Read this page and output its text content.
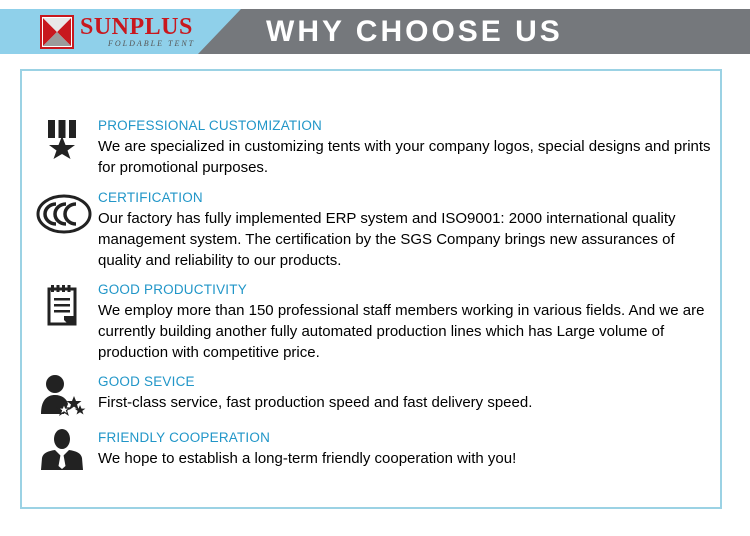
SUNPLUS
FOLDABLE TENT WHY CHOOSE US
PROFESSIONAL CUSTOMIZATION
We are specialized in customizing tents with your company logos, special designs and prints for promotional purposes.
CERTIFICATION
Our factory has fully implemented ERP system and ISO9001: 2000 international quality management system. The certification by the SGS Company brings new assurances of quality and reliability to our products.
GOOD PRODUCTIVITY
We employ more than 150 professional staff members working in various fields. And we are currently building another fully automated production lines which has Large volume of production with competitive price.
GOOD SEVICE
First-class service, fast production speed and fast delivery speed.
FRIENDLY COOPERATION
We hope to establish a long-term friendly cooperation with you!
